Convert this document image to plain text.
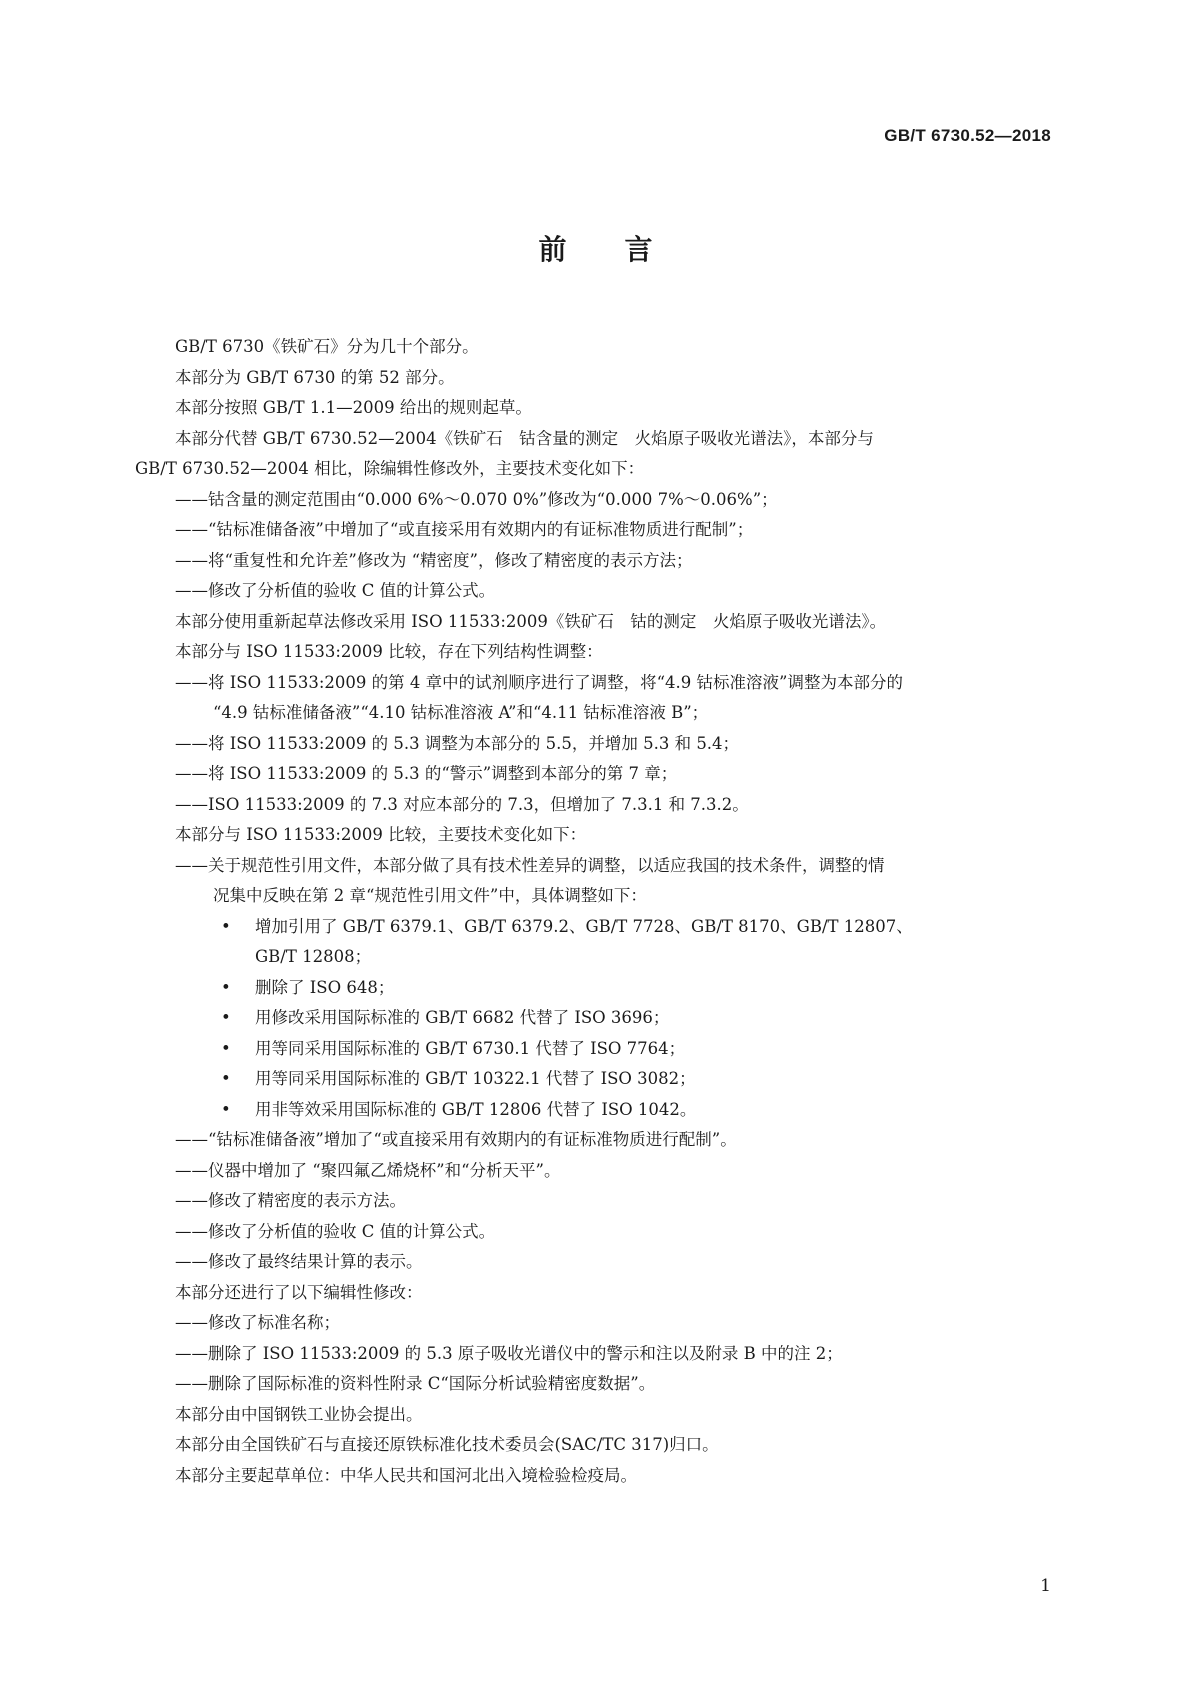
GB/T 6730.52—2018
前 言
GB/T 6730《铁矿石》分为几十个部分。
本部分为 GB/T 6730 的第 52 部分。
本部分按照 GB/T 1.1—2009 给出的规则起草。
本部分代替 GB/T 6730.52—2004《铁矿石　钴含量的测定　火焰原子吸收光谱法》，本部分与
GB/T 6730.52—2004 相比，除编辑性修改外，主要技术变化如下：
——钴含量的测定范围由“0.000 6%～0.070 0%”修改为“0.000 7%～0.06%”；
——“钴标准储备液”中增加了“或直接采用有效期内的有证标准物质进行配制”；
——将“重复性和允许差”修改为 “精密度”，修改了精密度的表示方法；
——修改了分析值的验收 C 值的计算公式。
本部分使用重新起草法修改采用 ISO 11533:2009《铁矿石　钴的测定　火焰原子吸收光谱法》。
本部分与 ISO 11533:2009 比较，存在下列结构性调整：
——将 ISO 11533:2009 的第 4 章中的试剂顺序进行了调整，将“4.9 钴标准溶液”调整为本部分的
“4.9 钴标准储备液”“4.10 钴标准溶液 A”和“4.11 钴标准溶液 B”；
——将 ISO 11533:2009 的 5.3 调整为本部分的 5.5，并增加 5.3 和 5.4；
——将 ISO 11533:2009 的 5.3 的“警示”调整到本部分的第 7 章；
——ISO 11533:2009 的 7.3 对应本部分的 7.3，但增加了 7.3.1 和 7.3.2。
本部分与 ISO 11533:2009 比较，主要技术变化如下：
——关于规范性引用文件，本部分做了具有技术性差异的调整，以适应我国的技术条件，调整的情
况集中反映在第 2 章“规范性引用文件”中，具体调整如下：
•	增加引用了 GB/T 6379.1、GB/T 6379.2、GB/T 7728、GB/T 8170、GB/T 12807、
GB/T 12808；
•	删除了 ISO 648；
•	用修改采用国际标准的 GB/T 6682 代替了 ISO 3696；
•	用等同采用国际标准的 GB/T 6730.1 代替了 ISO 7764；
•	用等同采用国际标准的 GB/T 10322.1 代替了 ISO 3082；
•	用非等效采用国际标准的 GB/T 12806 代替了 ISO 1042。
——“钴标准储备液”增加了“或直接采用有效期内的有证标准物质进行配制”。
——仪器中增加了 “聚四氟乙烯烧杯”和“分析天平”。
——修改了精密度的表示方法。
——修改了分析值的验收 C 值的计算公式。
——修改了最终结果计算的表示。
本部分还进行了以下编辑性修改：
——修改了标准名称；
——删除了 ISO 11533:2009 的 5.3 原子吸收光谱仪中的警示和注以及附录 B 中的注 2；
——删除了国际标准的资料性附录 C“国际分析试验精密度数据”。
本部分由中国钢铁工业协会提出。
本部分由全国铁矿石与直接还原铁标准化技术委员会(SAC/TC 317)归口。
本部分主要起草单位：中华人民共和国河北出入境检验检疫局。
1
